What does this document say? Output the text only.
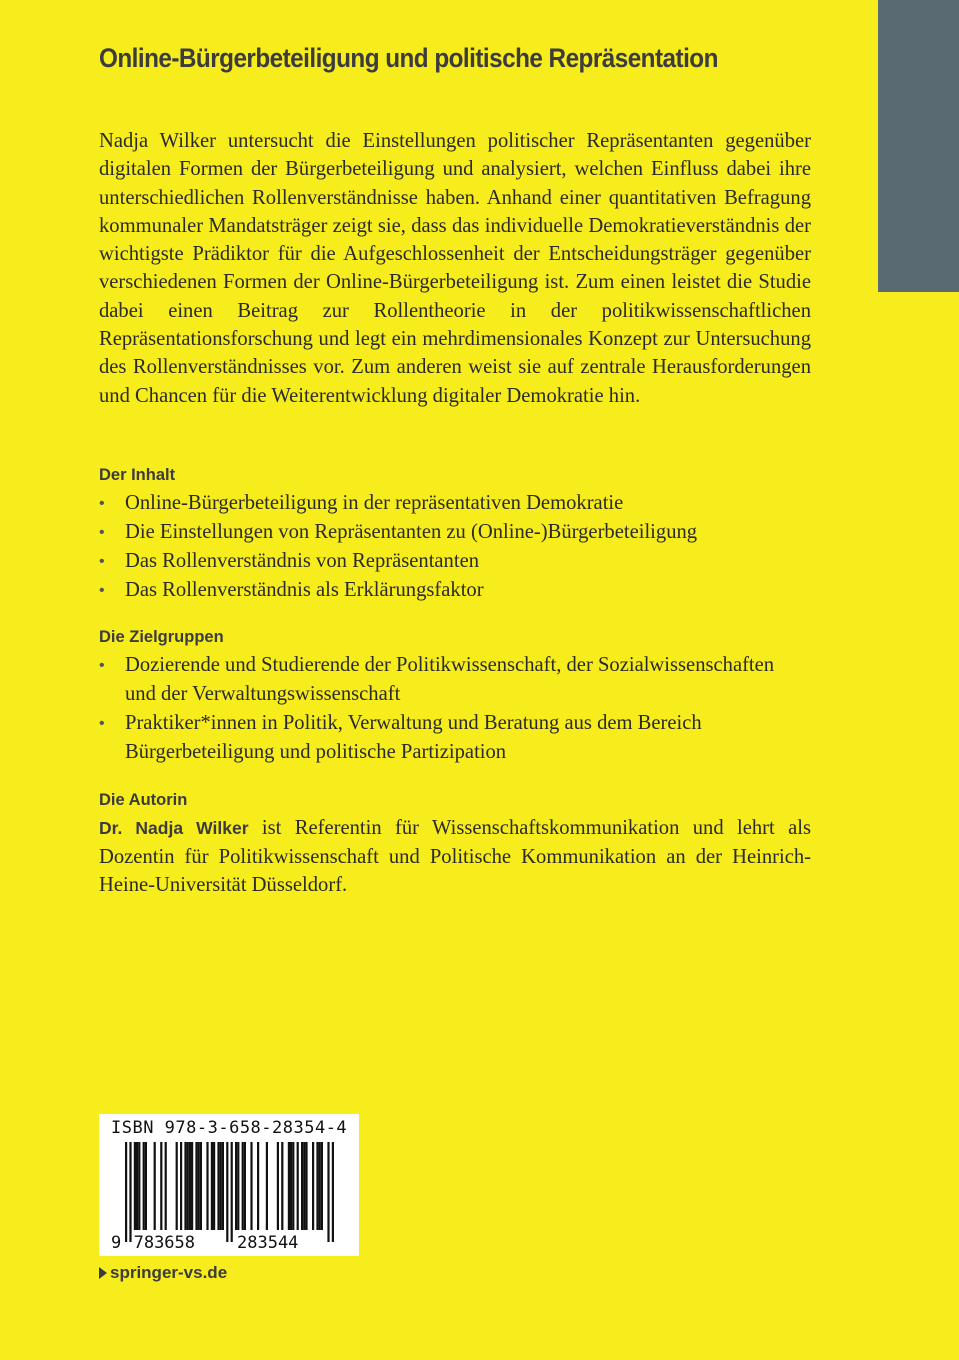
Online-Bürgerbeteiligung und politische Repräsentation

Nadja Wilker untersucht die Einstellungen politischer Repräsentanten gegenüber digitalen Formen der Bürgerbeteiligung und analysiert, welchen Einfluss dabei ihre unterschiedlichen Rollenverständnisse haben. Anhand einer quantitativen Befragung kommunaler Mandatsträger zeigt sie, dass das individuelle Demokratieverständnis der wichtigste Prädiktor für die Aufgeschlossenheit der Entscheidungsträger gegenüber verschiedenen Formen der Online-Bürgerbeteiligung ist. Zum einen leistet die Studie dabei einen Beitrag zur Rollentheorie in der politikwissenschaftlichen Repräsentationsforschung und legt ein mehrdimensionales Konzept zur Untersuchung des Rollenverständnisses vor. Zum anderen weist sie auf zentrale Herausforderungen und Chancen für die Weiterentwicklung digitaler Demokratie hin.

Der Inhalt
• Online-Bürgerbeteiligung in der repräsentativen Demokratie
• Die Einstellungen von Repräsentanten zu (Online-)Bürgerbeteiligung
• Das Rollenverständnis von Repräsentanten
• Das Rollenverständnis als Erklärungsfaktor
Die Zielgruppen
• Dozierende und Studierende der Politikwissenschaft, der Sozialwissenschaften und der Verwaltungswissenschaft
• Praktiker*innen in Politik, Verwaltung und Beratung aus dem Bereich Bürgerbeteiligung und politische Partizipation
Die Autorin

Dr. Nadja Wilker ist Referentin für Wissenschaftskommunikation und lehrt als Dozentin für Politikwissenschaft und Politische Kommunikation an der Heinrich-Heine-Universität Düsseldorf.

9 783658 283544
ISBN 978-3-658-28354-4
springer-vs.de
